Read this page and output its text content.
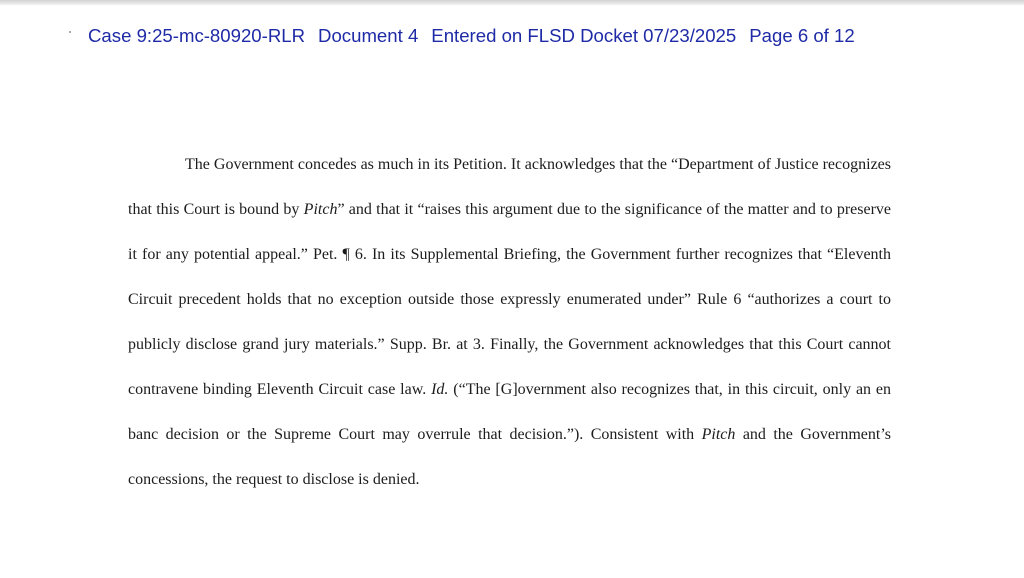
Case 9:25-mc-80920-RLR Document 4 Entered on FLSD Docket 07/23/2025 Page 6 of 12

The Government concedes as much in its Petition. It acknowledges that the “Department of Justice recognizes that this Court is bound by Pitch” and that it “raises this argument due to the significance of the matter and to preserve it for any potential appeal.” Pet. ¶ 6. In its Supplemental Briefing, the Government further recognizes that “Eleventh Circuit precedent holds that no exception outside those expressly enumerated under” Rule 6 “authorizes a court to publicly disclose grand jury materials.” Supp. Br. at 3. Finally, the Government acknowledges that this Court cannot contravene binding Eleventh Circuit case law. Id. (“The [G]overnment also recognizes that, in this circuit, only an en banc decision or the Supreme Court may overrule that decision.”). Consistent with Pitch and the Government’s concessions, the request to disclose is denied.
